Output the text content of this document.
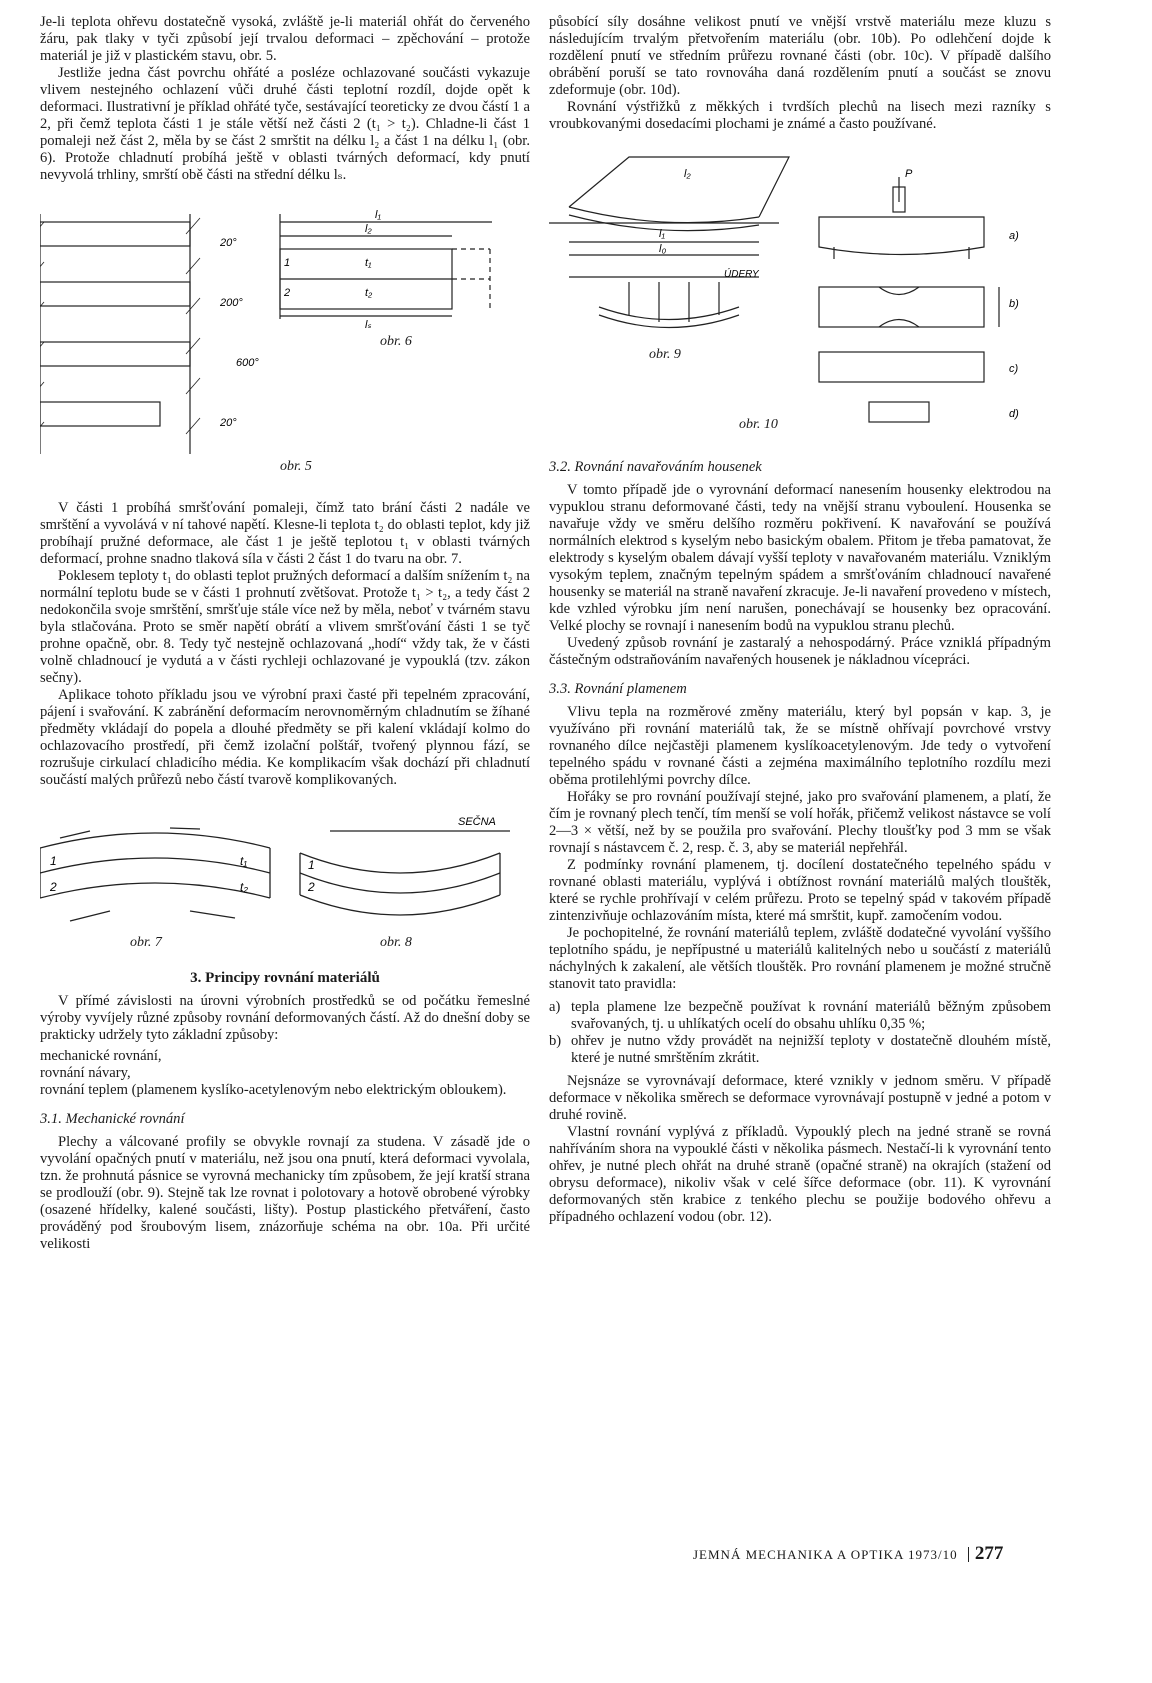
Je-li teplota ohřevu dostatečně vysoká, zvláště je-li materiál ohřát do červeného žáru, pak tlaky v tyči způsobí její trvalou deformaci – zpěchování – protože materiál je již v plastickém stavu, obr. 5.

Jestliže jedna část povrchu ohřáté a posléze ochlazované součásti vykazuje vlivem nestejného ochlazení vůči druhé části teplotní rozdíl, dojde opět k deformaci. Ilustrativní je příklad ohřáté tyče, sestávající teoreticky ze dvou částí 1 a 2, při čemž teplota části 1 je stále větší než části 2 (t₁ > t₂). Chladne-li část 1 pomaleji než část 2, měla by se část 2 smrštit na délku l₂ a část 1 na délku l₁ (obr. 6). Protože chladnutí probíhá ještě v oblasti tvárných deformací, kdy pnutí nevyvolá trhliny, smrští obě části na střední délku lₛ.

20°
200°
600°
20°
l₁
l₂
1
2
t₁
t₂
lₛ
obr. 6
obr. 5

V části 1 probíhá smršťování pomaleji, čímž tato brání části 2 nadále ve smrštění a vyvolává v ní tahové napětí. Klesne-li teplota t₂ do oblasti teplot, kdy již probíhají pružné deformace, ale část 1 je ještě teplotou t₁ v oblasti tvárných deformací, prohne snadno tlaková síla v části 2 část 1 do tvaru na obr. 7.

Poklesem teploty t₁ do oblasti teplot pružných deformací a dalším snížením t₂ na normální teplotu bude se v části 1 prohnutí zvětšovat. Protože t₁ > t₂, a tedy část 2 nedokončila svoje smrštění, smršťuje stále více než by měla, neboť v tvárném stavu byla stlačována. Proto se směr napětí obrátí a vlivem smršťování části 1 se tyč prohne opačně, obr. 8. Tedy tyč nestejně ochlazovaná „hodí“ vždy tak, že v části volně chladnoucí je vydutá a v části rychleji ochlazované je vypouklá (tzv. zákon sečny).

Aplikace tohoto příkladu jsou ve výrobní praxi časté při tepelném zpracování, pájení i svařování. K zabránění deformacím nerovnoměrným chladnutím se žíhané předměty vkládají do popela a dlouhé předměty se při kalení vkládají kolmo do ochlazovacího prostředí, při čemž izolační polštář, tvořený plynnou fází, se rozrušuje cirkulací chladicího média. Ke komplikacím však dochází při chladnutí součástí malých průřezů nebo částí tvarově komplikovaných.

1
2
t₁
t₂
1
2
SEČNA
obr. 7	obr. 8
3. Principy rovnání materiálů

V přímé závislosti na úrovni výrobních prostředků se od počátku řemeslné výroby vyvíjely různé způsoby rovnání deformovaných částí. Až do dnešní doby se prakticky udržely tyto základní způsoby:

mechanické rovnání,

rovnání návary,

rovnání teplem (plamenem kyslíko-acetylenovým nebo elektrickým obloukem).

3.1. Mechanické rovnání

Plechy a válcované profily se obvykle rovnají za studena. V zásadě jde o vyvolání opačných pnutí v materiálu, než jsou ona pnutí, která deformaci vyvolala, tzn. že prohnutá pásnice se vyrovná mechanicky tím způsobem, že její kratší strana se prodlouží (obr. 9). Stejně tak lze rovnat i polotovary a hotově obrobené výrobky (osazené hřídelky, kalené součásti, lišty). Postup plastického přetváření, často prováděný pod šroubovým lisem, znázorňuje schéma na obr. 10a. Při určité velikosti

působící síly dosáhne velikost pnutí ve vnější vrstvě materiálu meze kluzu s následujícím trvalým přetvořením materiálu (obr. 10b). Po odlehčení dojde k rozdělení pnutí ve středním průřezu rovnané části (obr. 10c). V případě dalšího obrábění poruší se tato rovnováha daná rozdělením pnutí a součást se znovu zdeformuje (obr. 10d).

Rovnání výstřižků z měkkých i tvrdších plechů na lisech mezi razníky s vroubkovanými dosedacími plochami je známé a často používané.

l₂
l₁
l₀
ÚDERY
P
a)
b)
c)
d)
obr. 9
obr. 10
3.2. Rovnání navařováním housenek

V tomto případě jde o vyrovnání deformací nanesením housenky elektrodou na vypuklou stranu deformované části, tedy na vnější stranu vyboulení. Housenka se navařuje vždy ve směru delšího rozměru pokřivení. K navařování se používá normálních elektrod s kyselým nebo basickým obalem. Přitom je třeba pamatovat, že elektrody s kyselým obalem dávají vyšší teploty v navařovaném materiálu. Vzniklým vysokým teplem, značným tepelným spádem a smršťováním chladnoucí navařené housenky se materiál na straně navaření zkracuje. Je-li navaření provedeno v místech, kde vzhled výrobku jím není narušen, ponechávají se housenky bez opracování. Velké plochy se rovnají i nanesením bodů na vypuklou stranu plechů.

Uvedený způsob rovnání je zastaralý a nehospodárný. Práce vzniklá případným částečným odstraňováním navařených housenek je nákladnou vícepráci.

3.3. Rovnání plamenem

Vlivu tepla na rozměrové změny materiálu, který byl popsán v kap. 3, je využíváno při rovnání materiálů tak, že se místně ohřívají povrchové vrstvy rovnaného dílce nejčastěji plamenem kyslíkoacetylenovým. Jde tedy o vytvoření tepelného spádu v rovnané části a zejména maximálního teplotního rozdílu mezi oběma protilehlými povrchy dílce.

Hořáky se pro rovnání používají stejné, jako pro svařování plamenem, a platí, že čím je rovnaný plech tenčí, tím menší se volí hořák, přičemž velikost nástavce se volí 2—3 × větší, než by se použila pro svařování. Plechy tloušťky pod 3 mm se však rovnají s nástavcem č. 2, resp. č. 3, aby se materiál nepřehřál.

Z podmínky rovnání plamenem, tj. docílení dostatečného tepelného spádu v rovnané oblasti materiálu, vyplývá i obtížnost rovnání materiálů malých tlouštěk, které se rychle prohřívají v celém průřezu. Proto se tepelný spád v takovém případě zintenzivňuje ochlazováním místa, které má smrštit, kupř. zamočením vodou.

Je pochopitelné, že rovnání materiálů teplem, zvláště dodatečné vyvolání vyššího teplotního spádu, je nepřípustné u materiálů kalitelných nebo u součástí z materiálů náchylných k zakalení, ale větších tlouštěk. Pro rovnání plamenem je možné stručně stanovit tato pravidla:

a) tepla plamene lze bezpečně používat k rovnání materiálů běžným způsobem svařovaných, tj. u uhlíkatých ocelí do obsahu uhlíku 0,35 %;
b) ohřev je nutno vždy provádět na nejnižší teploty v dostatečně dlouhém místě, které je nutné smrštěním zkrátit.

Nejsnáze se vyrovnávají deformace, které vznikly v jednom směru. V případě deformace v několika směrech se deformace vyrovnávají postupně v jedné a potom v druhé rovině.

Vlastní rovnání vyplývá z příkladů. Vypouklý plech na jedné straně se rovná nahříváním shora na vypouklé části v několika pásmech. Nestačí-li k vyrovnání tento ohřev, je nutné plech ohřát na druhé straně (opačné straně) na okrajích (stažení od obrysu deformace), nikoliv však v celé šířce deformace (obr. 11). K vyrovnání deformovaných stěn krabice z tenkého plechu se použije bodového ohřevu a případného ochlazení vodou (obr. 12).

JEMNÁ MECHANIKA A OPTIKA 1973/10 277
